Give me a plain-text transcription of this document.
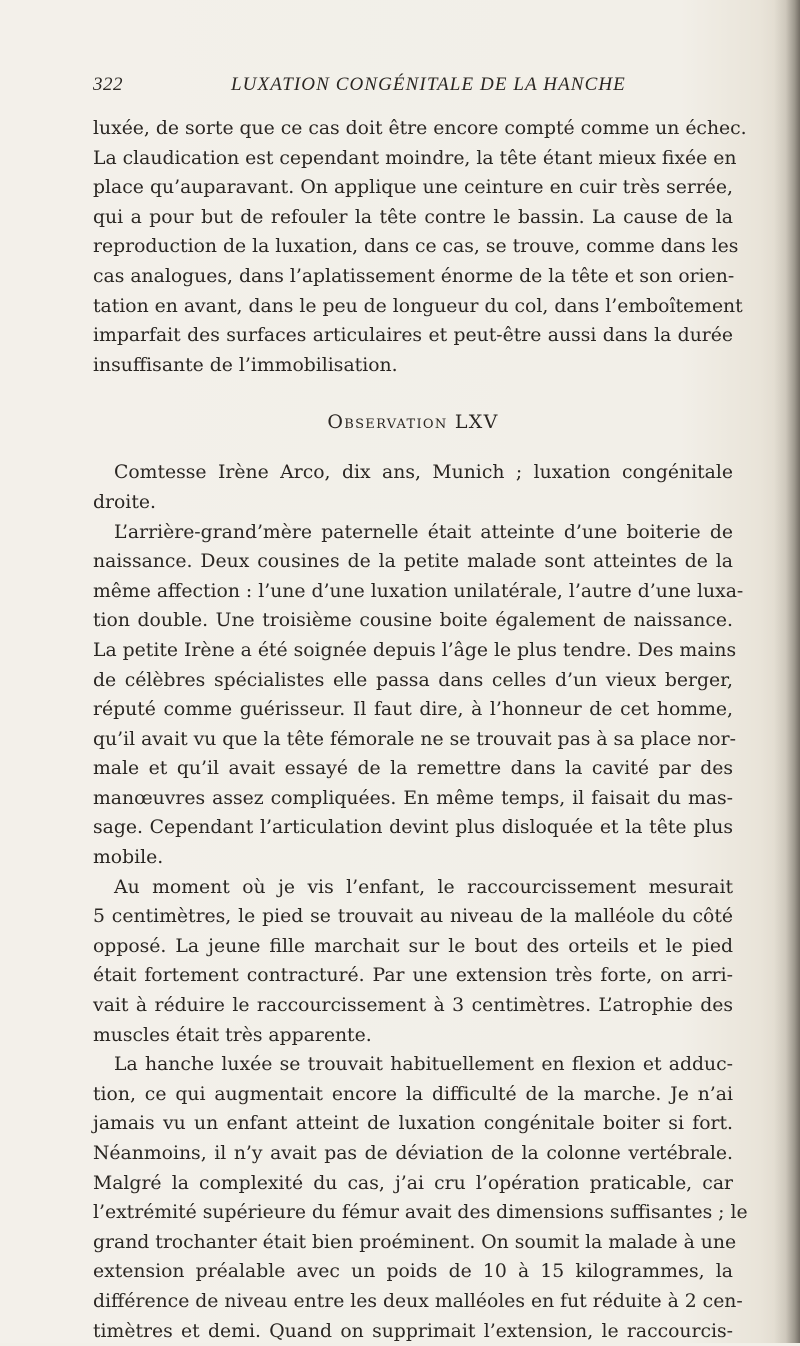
322	LUXATION CONGÉNITALE DE LA HANCHE
luxée, de sorte que ce cas doit être encore compté comme un échec.
La claudication est cependant moindre, la tête étant mieux fixée en
place qu’auparavant. On applique une ceinture en cuir très serrée,
qui a pour but de refouler la tête contre le bassin. La cause de la
reproduction de la luxation, dans ce cas, se trouve, comme dans les
cas analogues, dans l’aplatissement énorme de la tête et son orien-
tation en avant, dans le peu de longueur du col, dans l’emboîtement
imparfait des surfaces articulaires et peut-être aussi dans la durée
insuffisante de l’immobilisation.
Observation LXV
Comtesse Irène Arco, dix ans, Munich ; luxation congénitale
droite.
L’arrière-grand’mère paternelle était atteinte d’une boiterie de
naissance. Deux cousines de la petite malade sont atteintes de la
même affection : l’une d’une luxation unilatérale, l’autre d’une luxa-
tion double. Une troisième cousine boite également de naissance.
La petite Irène a été soignée depuis l’âge le plus tendre. Des mains
de célèbres spécialistes elle passa dans celles d’un vieux berger,
réputé comme guérisseur. Il faut dire, à l’honneur de cet homme,
qu’il avait vu que la tête fémorale ne se trouvait pas à sa place nor-
male et qu’il avait essayé de la remettre dans la cavité par des
manœuvres assez compliquées. En même temps, il faisait du mas-
sage. Cependant l’articulation devint plus disloquée et la tête plus
mobile.
Au moment où je vis l’enfant, le raccourcissement mesurait
5 centimètres, le pied se trouvait au niveau de la malléole du côté
opposé. La jeune fille marchait sur le bout des orteils et le pied
était fortement contracturé. Par une extension très forte, on arri-
vait à réduire le raccourcissement à 3 centimètres. L’atrophie des
muscles était très apparente.
La hanche luxée se trouvait habituellement en flexion et adduc-
tion, ce qui augmentait encore la difficulté de la marche. Je n’ai
jamais vu un enfant atteint de luxation congénitale boiter si fort.
Néanmoins, il n’y avait pas de déviation de la colonne vertébrale.
Malgré la complexité du cas, j’ai cru l’opération praticable, car
l’extrémité supérieure du fémur avait des dimensions suffisantes ; le
grand trochanter était bien proéminent. On soumit la malade à une
extension préalable avec un poids de 10 à 15 kilogrammes, la
différence de niveau entre les deux malléoles en fut réduite à 2 cen-
timètres et demi. Quand on supprimait l’extension, le raccourcis-
